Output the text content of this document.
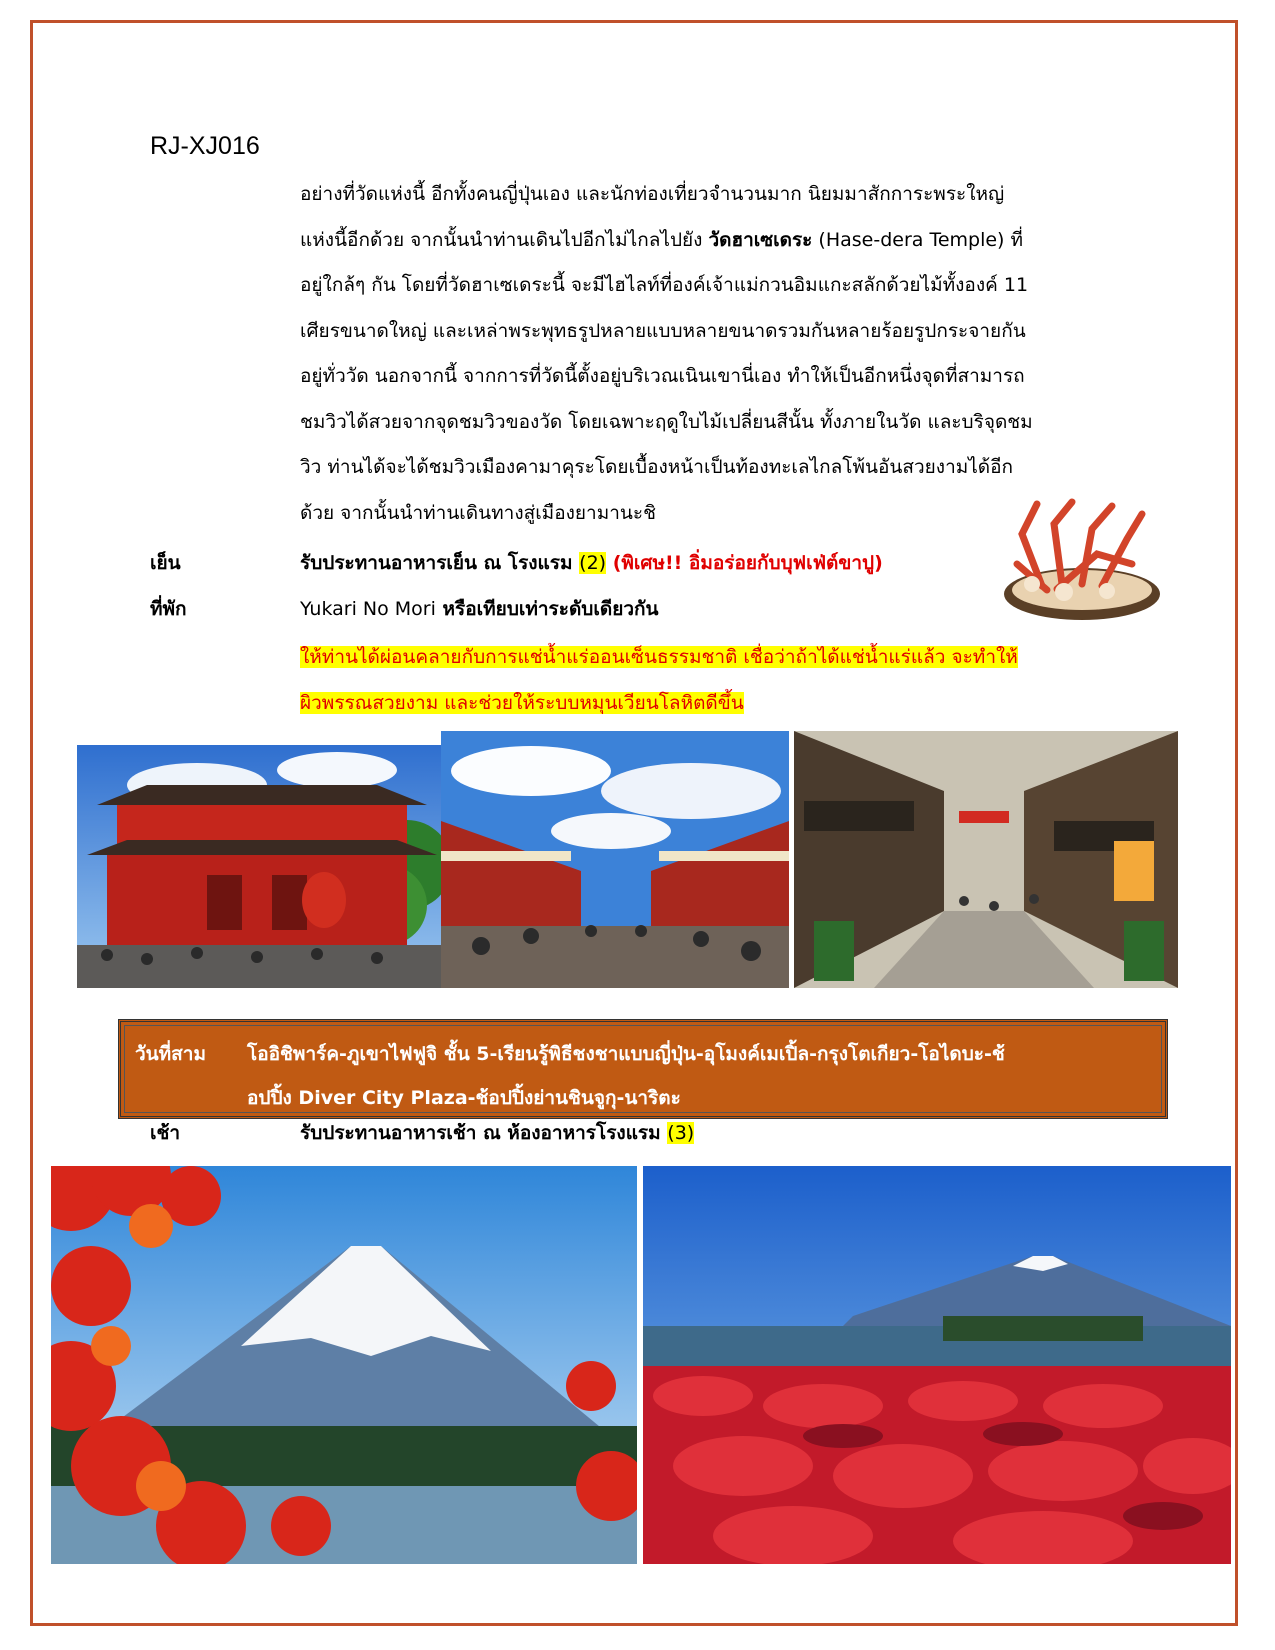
RJ-XJ016
อย่างที่วัดแห่งนี้ อีกทั้งคนญี่ปุ่นเอง และนักท่องเที่ยวจำนวนมาก นิยมมาสักการะพระใหญ่
แห่งนี้อีกด้วย จากนั้นนำท่านเดินไปอีกไม่ไกลไปยัง วัดฮาเซเดระ (Hase-dera Temple) ที่
อยู่ใกล้ๆ กัน โดยที่วัดฮาเซเดระนี้ จะมีไฮไลท์ที่องค์เจ้าแม่กวนอิมแกะสลักด้วยไม้ทั้งองค์ 11
เศียรขนาดใหญ่ และเหล่าพระพุทธรูปหลายแบบหลายขนาดรวมกันหลายร้อยรูปกระจายกัน
อยู่ทั่ววัด นอกจากนี้ จากการที่วัดนี้ตั้งอยู่บริเวณเนินเขานี่เอง ทำให้เป็นอีกหนึ่งจุดที่สามารถ
ชมวิวได้สวยจากจุดชมวิวของวัด โดยเฉพาะฤดูใบไม้เปลี่ยนสีนั้น ทั้งภายในวัด และบริจุดชม
วิว ท่านได้จะได้ชมวิวเมืองคามาคุระโดยเบื้องหน้าเป็นท้องทะเลไกลโพ้นอันสวยงามได้อีก
ด้วย จากนั้นนำท่านเดินทางสู่เมืองยามานะชิ
เย็น	รับประทานอาหารเย็น ณ โรงแรม (2) (พิเศษ!! อิ่มอร่อยกับบุฟเฟ่ต์ขาปู)
ที่พัก	Yukari No Mori หรือเทียบเท่าระดับเดียวกัน
ให้ท่านได้ผ่อนคลายกับการแช่น้ำแร่ออนเซ็นธรรมชาติ เชื่อว่าถ้าได้แช่น้ำแร่แล้ว จะทำให้
ผิวพรรณสวยงาม และช่วยให้ระบบหมุนเวียนโลหิตดีขึ้น
วันที่สาม โออิชิพาร์ค-ภูเขาไฟฟูจิ ชั้น 5-เรียนรู้พิธีชงชาแบบญี่ปุ่น-อุโมงค์เมเปิ้ล-กรุงโตเกียว-โอไดบะ-ช้
อปปิ้ง Diver City Plaza-ช้อปปิ้งย่านชินจูกุ-นาริตะ
เช้า	รับประทานอาหารเช้า ณ ห้องอาหารโรงแรม (3)
